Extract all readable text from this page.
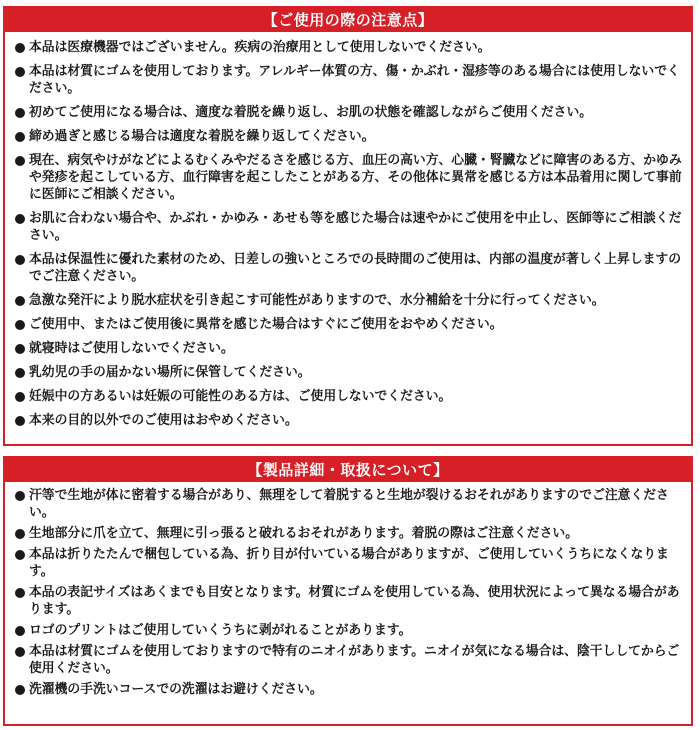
【ご使用の際の注意点】
本品は医療機器ではございません。疾病の治療用として使用しないでください。
本品は材質にゴムを使用しております。アレルギー体質の方、傷・かぶれ・湿疹等のある場合には使用しないでください。
初めてご使用になる場合は、適度な着脱を繰り返し、お肌の状態を確認しながらご使用ください。
締め過ぎと感じる場合は適度な着脱を繰り返してください。
現在、病気やけがなどによるむくみやだるさを感じる方、血圧の高い方、心臓・腎臓などに障害のある方、かゆみや発疹を起こしている方、血行障害を起こしたことがある方、その他体に異常を感じる方は本品着用に関して事前に医師にご相談ください。
お肌に合わない場合や、かぶれ・かゆみ・あせも等を感じた場合は速やかにご使用を中止し、医師等にご相談ください。
本品は保温性に優れた素材のため、日差しの強いところでの長時間のご使用は、内部の温度が著しく上昇しますのでご注意ください。
急激な発汗により脱水症状を引き起こす可能性がありますので、水分補給を十分に行ってください。
ご使用中、またはご使用後に異常を感じた場合はすぐにご使用をおやめください。
就寝時はご使用しないでください。
乳幼児の手の届かない場所に保管してください。
妊娠中の方あるいは妊娠の可能性のある方は、ご使用しないでください。
本来の目的以外でのご使用はおやめください。
【製品詳細・取扱について】
汗等で生地が体に密着する場合があり、無理をして着脱すると生地が裂けるおそれがありますのでご注意ください。
生地部分に爪を立て、無理に引っ張ると破れるおそれがあります。着脱の際はご注意ください。
本品は折りたたんで梱包している為、折り目が付いている場合がありますが、ご使用していくうちになくなります。
本品の表記サイズはあくまでも目安となります。材質にゴムを使用している為、使用状況によって異なる場合があります。
ロゴのプリントはご使用していくうちに剥がれることがあります。
本品は材質にゴムを使用しておりますので特有のニオイがあります。ニオイが気になる場合は、陰干ししてからご使用ください。
洗濯機の手洗いコースでの洗濯はお避けください。
